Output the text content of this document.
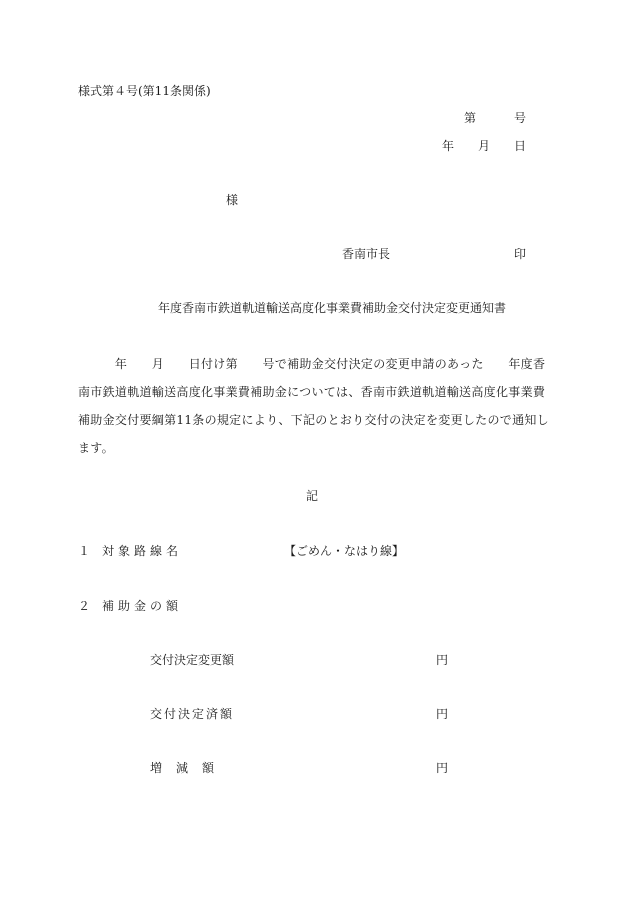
様式第４号(第11条関係)
第	号
年 月 日
様
香南市長	印
年度香南市鉄道軌道輸送高度化事業費補助金交付決定変更通知書
　　　年　　月　　日付け第　　号で補助金交付決定の変更申請のあった　　年度香南市鉄道軌道輸送高度化事業費補助金については、香南市鉄道軌道輸送高度化事業費補助金交付要綱第11条の規定により、下記のとおり交付の決定を変更したので通知します。
記
１ 対象路線名	【ごめん・なはり線】
２ 補助金の額
交付決定変更額	円
交付決定済額	円
増減額	円
